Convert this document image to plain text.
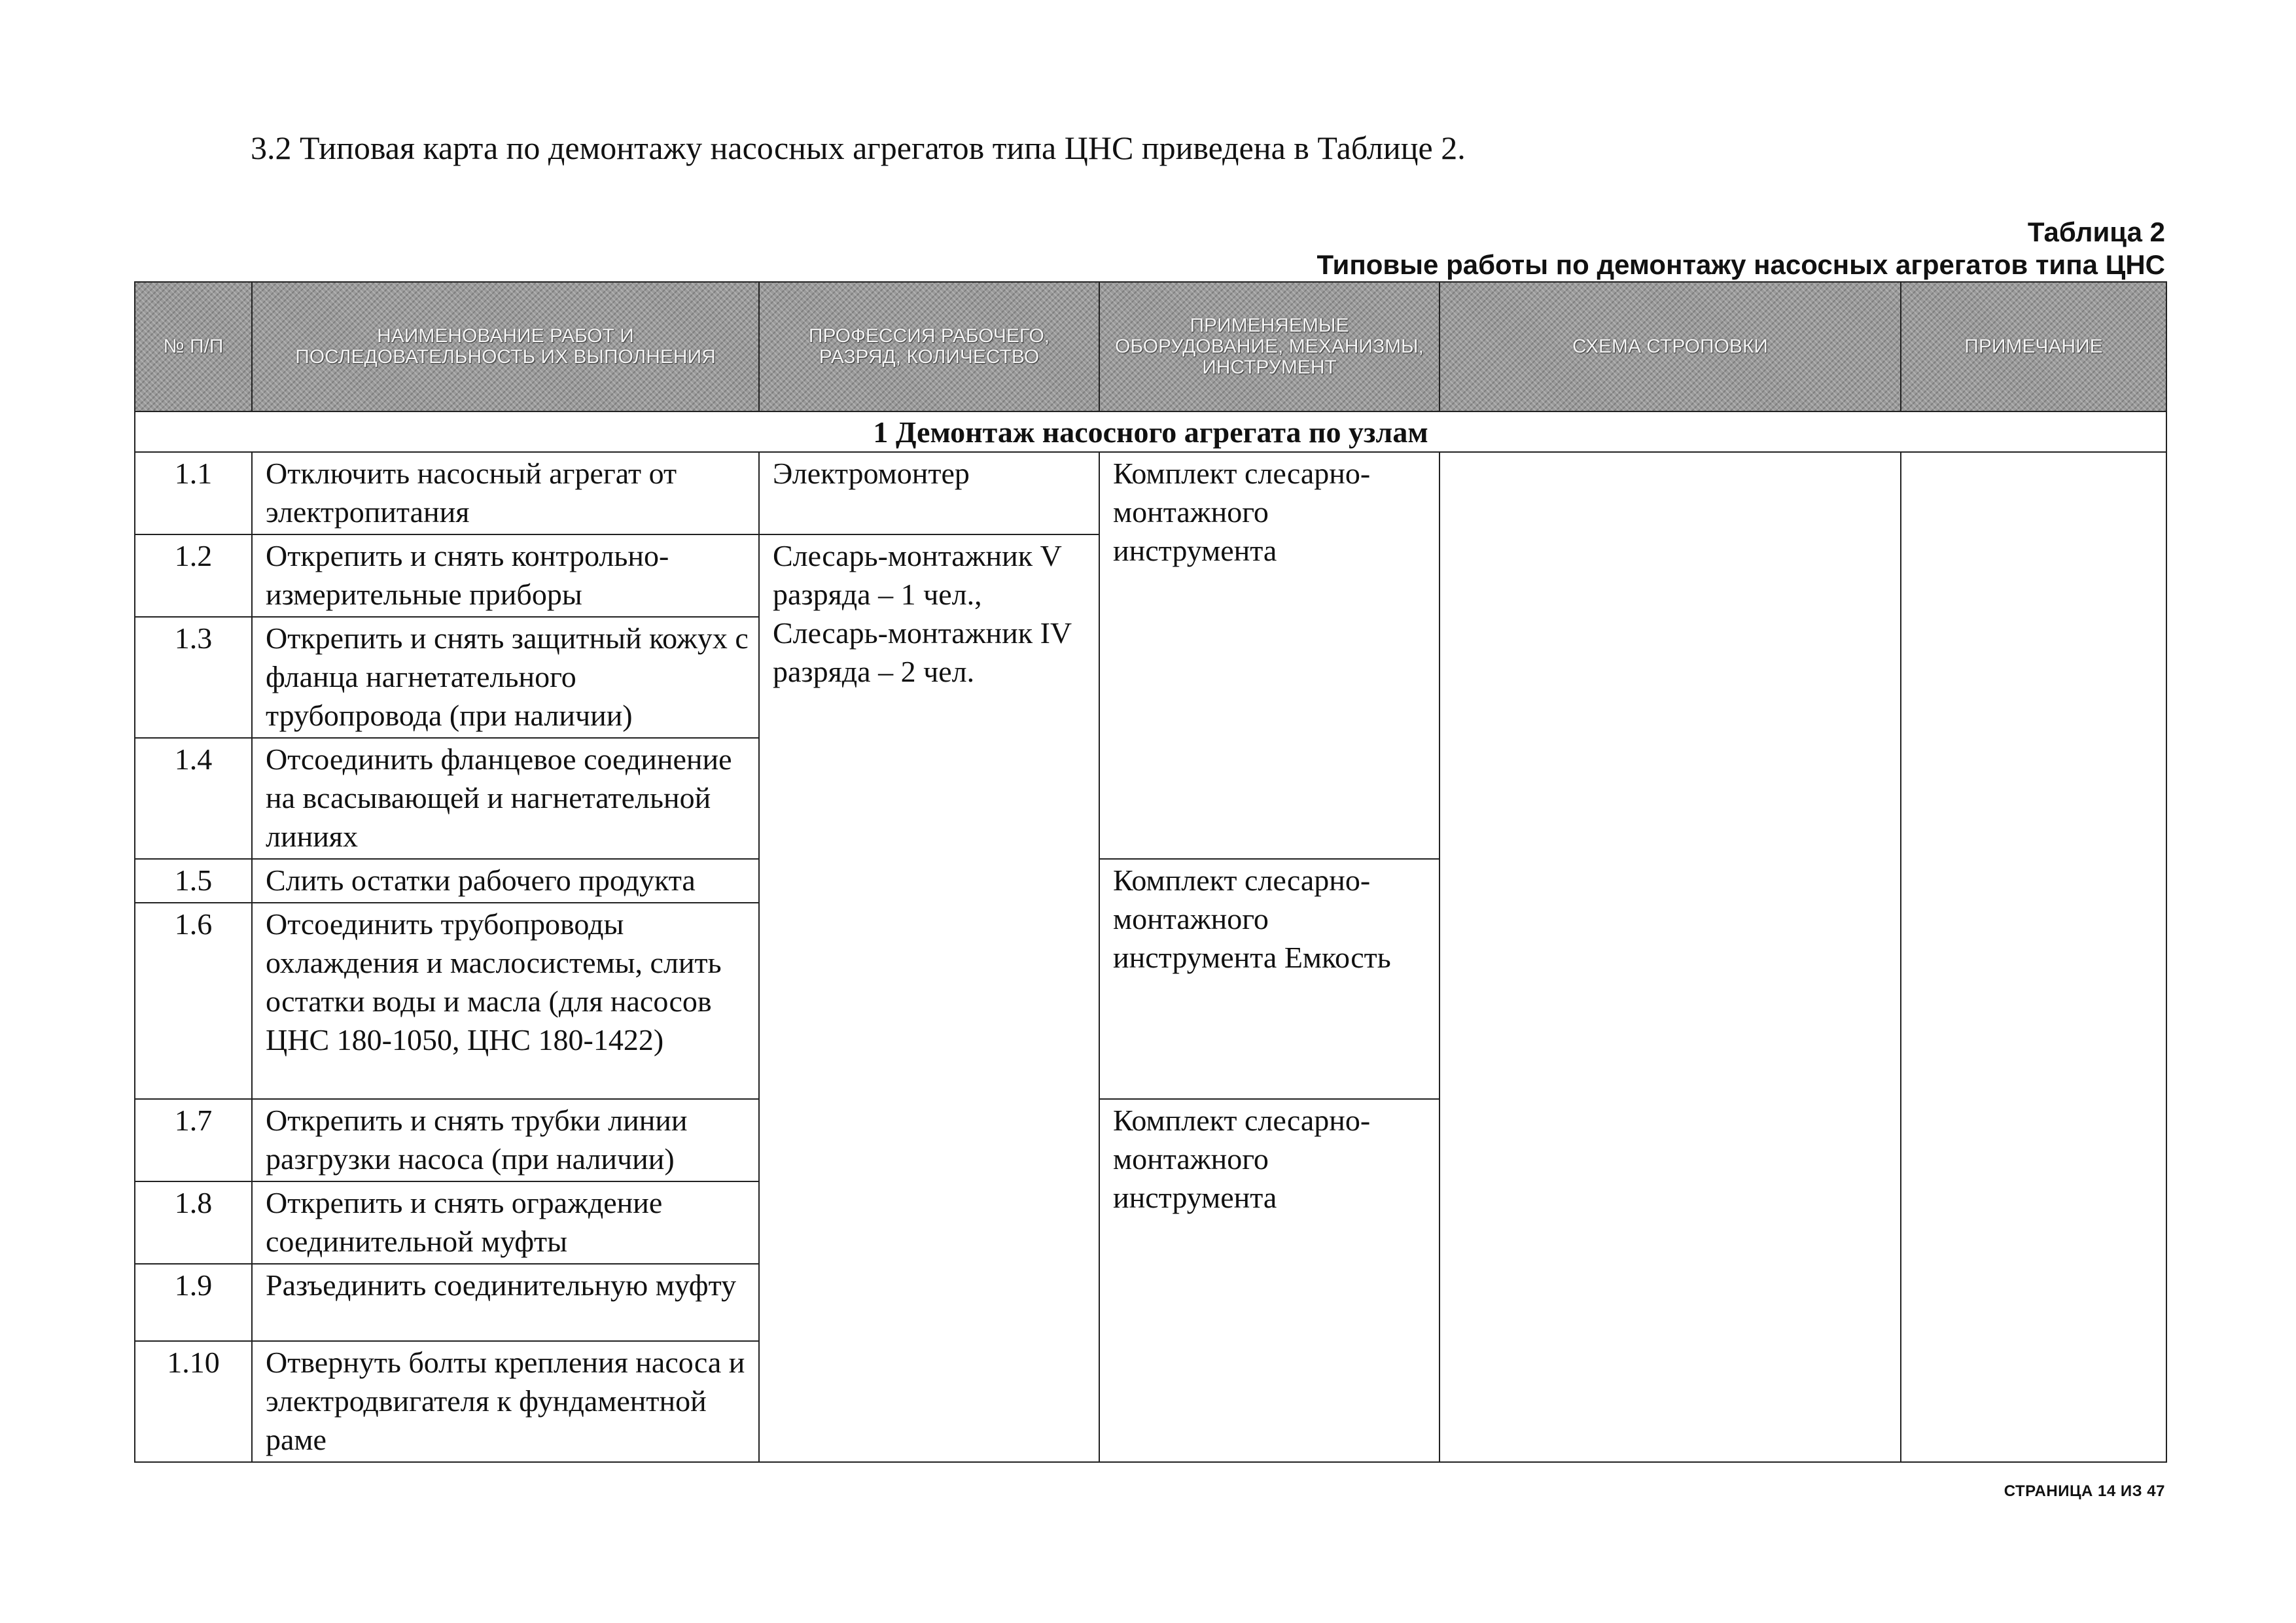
3.2 Типовая карта по демонтажу насосных агрегатов типа ЦНС приведена в Таблице 2.
Таблица 2
Типовые работы по демонтажу насосных агрегатов типа ЦНС
№ П/П	НАИМЕНОВАНИЕ РАБОТ И ПОСЛЕДОВАТЕЛЬНОСТЬ ИХ ВЫПОЛНЕНИЯ	ПРОФЕССИЯ РАБОЧЕГО, РАЗРЯД, КОЛИЧЕСТВО	ПРИМЕНЯЕМЫЕ ОБОРУДОВАНИЕ, МЕХАНИЗМЫ, ИНСТРУМЕНТ	СХЕМА СТРОПОВКИ	ПРИМЕЧАНИЕ
1 Демонтаж насосного агрегата по узлам					

1.1	Отключить насосный агрегат от электропитания	Электромонтер	Комплект слесарно-монтажного инструмента		

1.2	Открепить и снять контрольно-измерительные приборы	Слесарь-монтажник V разряда – 1 чел., Слесарь-монтажник IV разряда – 2 чел.			

1.3	Открепить и снять защитный кожух с фланца нагнетательного трубопровода (при наличии)				

1.4	Отсоединить фланцевое соединение на всасывающей и нагнетательной линиях				

1.5	Слить остатки рабочего продукта		Комплект слесарно-монтажного инструмента Емкость		

1.6	Отсоединить трубопроводы охлаждения и маслосистемы, слить остатки воды и масла (для насосов ЦНС 180-1050, ЦНС 180-1422)				

1.7	Открепить и снять трубки линии разгрузки насоса (при наличии)		Комплект слесарно-монтажного инструмента		

1.8	Открепить и снять ограждение соединительной муфты				

1.9	Разъединить соединительную муфту				

1.10	Отвернуть болты крепления насоса и электродвигателя к фундаментной раме				
СТРАНИЦА 14 ИЗ 47
